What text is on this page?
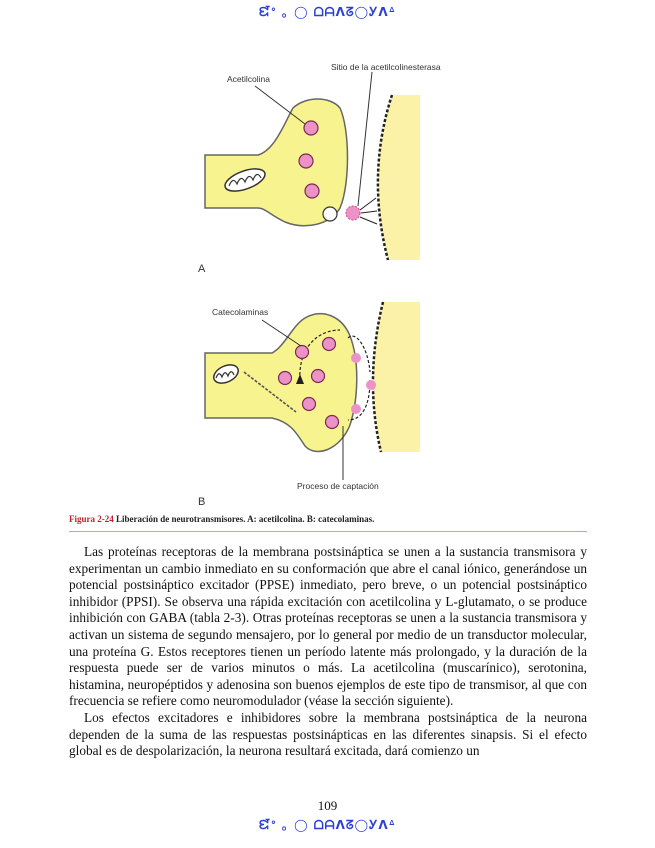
ᘿᐤ ｡ ◯ ᗝᗩᐱᘔ◯Ꭹᐱᐞ
Acetilcolina
Sitio de la acetilcolinesterasa
A
Catecolaminas
Proceso de captación
B
Figura 2-24 Liberación de neurotransmisores. A: acetilcolina. B: catecolaminas.

Las proteínas receptoras de la membrana postsináptica se unen a la sustancia transmisora y experimentan un cambio inmediato en su conformación que abre el canal iónico, generándose un potencial postsináptico excitador (PPSE) inmediato, pero breve, o un potencial postsináptico inhibidor (PPSI). Se observa una rápida excitación con acetilcolina y L-glutamato, o se produce inhibición con GABA (tabla 2-3). Otras proteínas receptoras se unen a la sustancia transmisora y activan un sistema de segundo mensajero, por lo general por medio de un transductor molecular, una proteína G. Estos receptores tienen un período latente más prolongado, y la duración de la respuesta puede ser de varios minutos o más. La acetilcolina (muscarínico), serotonina, histamina, neuropéptidos y adenosina son buenos ejemplos de este tipo de transmisor, al que con frecuencia se refiere como neuromodulador (véase la sección siguiente).

Los efectos excitadores e inhibidores sobre la membrana postsináptica de la neurona dependen de la suma de las respuestas postsinápticas en las diferentes sinapsis. Si el efecto global es de despolarización, la neurona resultará excitada, dará comienzo un

109
ᘿᐤ ｡ ◯ ᗝᗩᐱᘔ◯Ꭹᐱᐞ
